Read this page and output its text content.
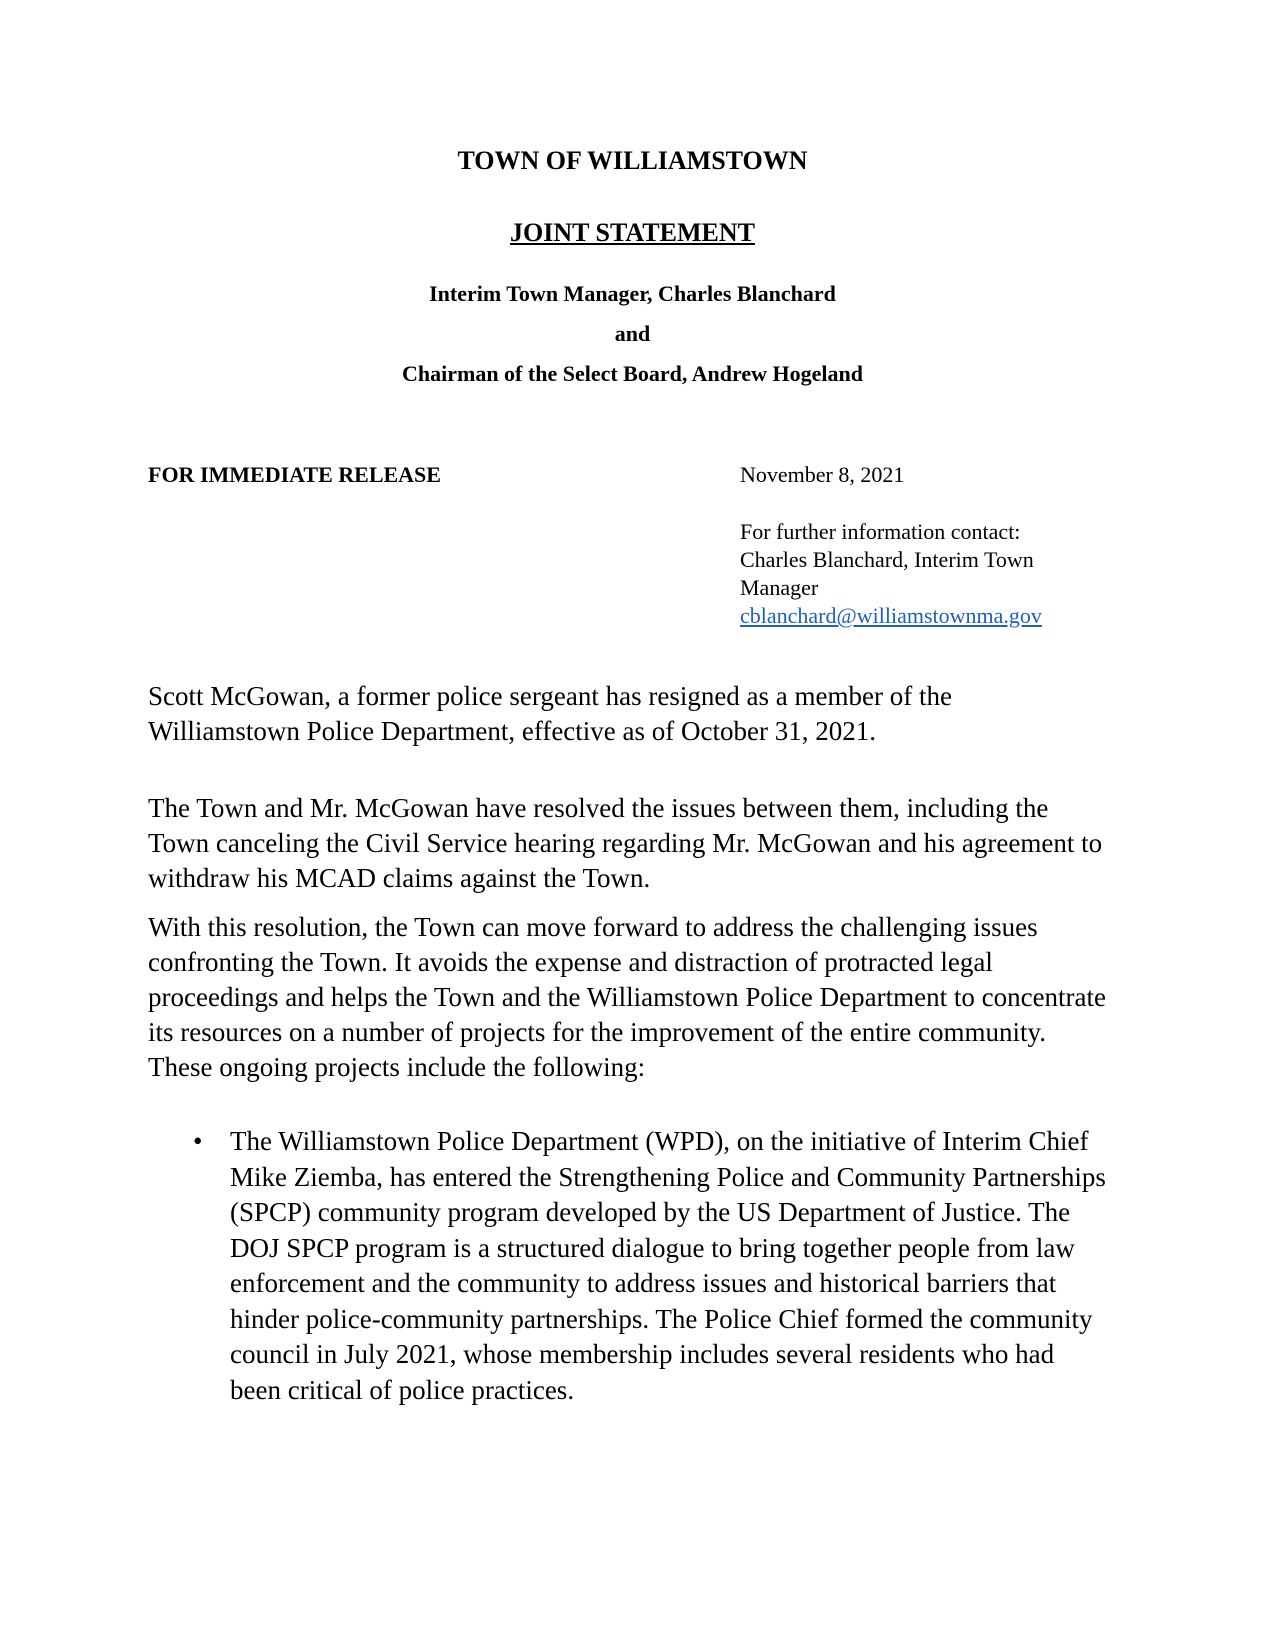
TOWN OF WILLIAMSTOWN
JOINT STATEMENT
Interim Town Manager, Charles Blanchard
and
Chairman of the Select Board, Andrew Hogeland
FOR IMMEDIATE RELEASE	November 8, 2021
For further information contact:
Charles Blanchard, Interim Town Manager
cblanchard@williamstownma.gov
Scott McGowan, a former police sergeant has resigned as a member of the Williamstown Police Department, effective as of October 31, 2021.
The Town and Mr. McGowan have resolved the issues between them, including the Town canceling the Civil Service hearing regarding Mr. McGowan and his agreement to withdraw his MCAD claims against the Town.
With this resolution, the Town can move forward to address the challenging issues confronting the Town. It avoids the expense and distraction of protracted legal proceedings and helps the Town and the Williamstown Police Department to concentrate its resources on a number of projects for the improvement of the entire community. These ongoing projects include the following:
• The Williamstown Police Department (WPD), on the initiative of Interim Chief Mike Ziemba, has entered the Strengthening Police and Community Partnerships (SPCP) community program developed by the US Department of Justice. The DOJ SPCP program is a structured dialogue to bring together people from law enforcement and the community to address issues and historical barriers that hinder police-community partnerships. The Police Chief formed the community council in July 2021, whose membership includes several residents who had been critical of police practices.
